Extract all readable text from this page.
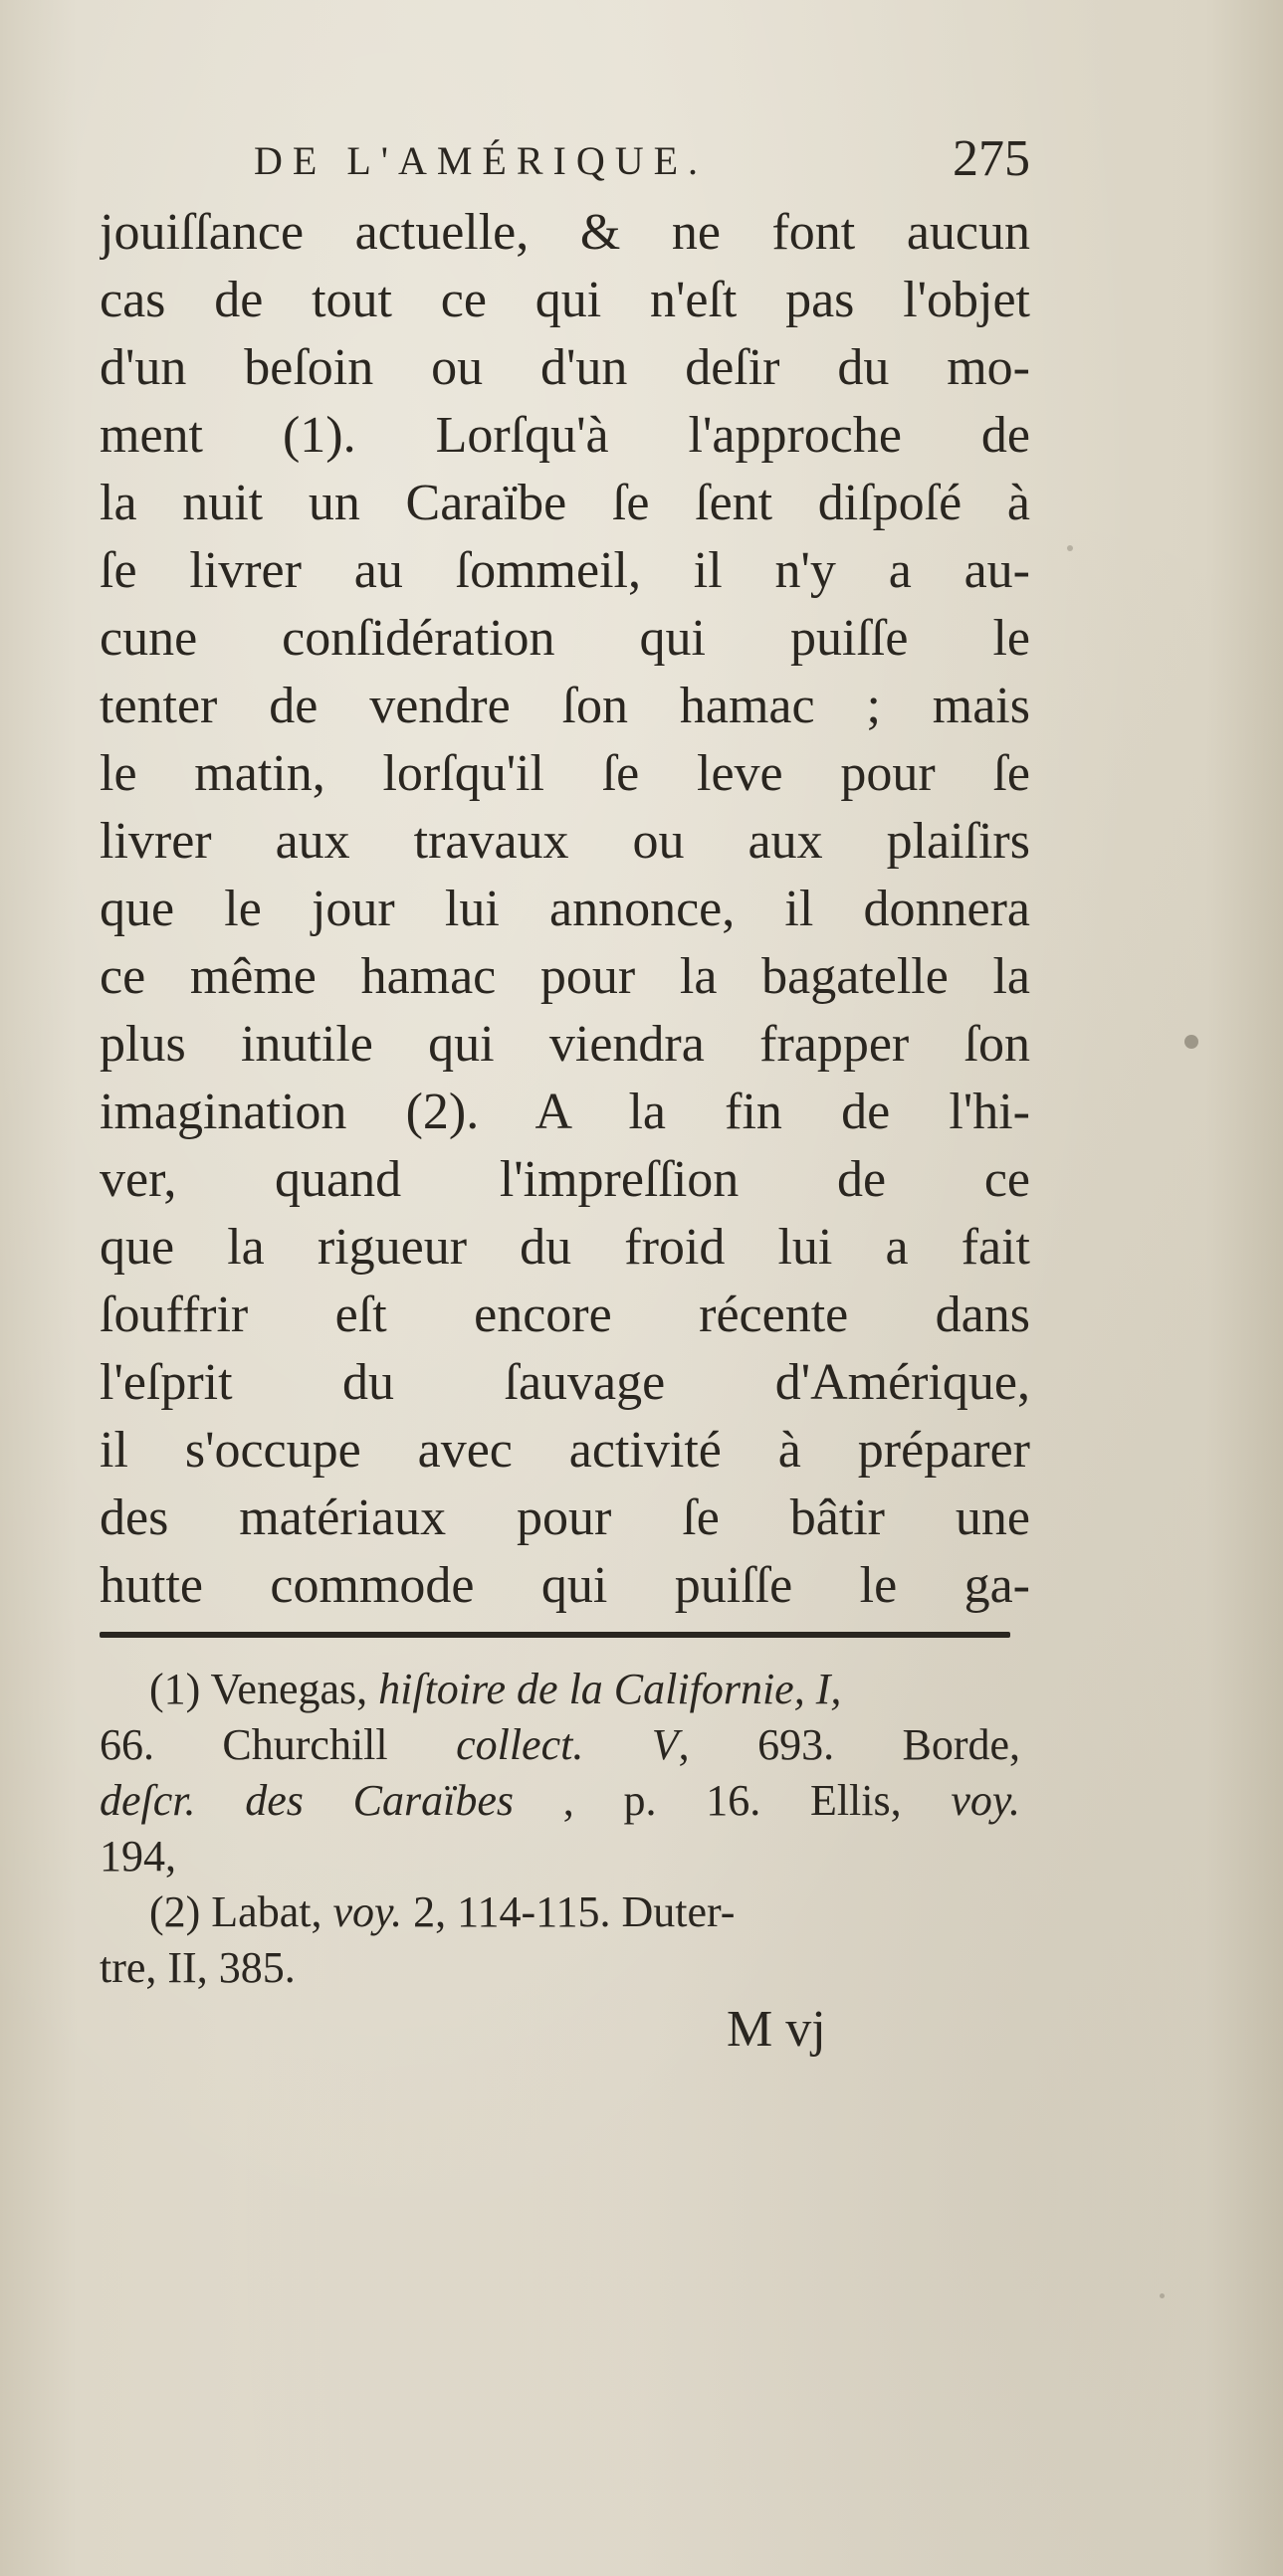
DE L'AMÉRIQUE.	275
jouiſſance actuelle, & ne font aucun
cas de tout ce qui n'eſt pas l'objet
d'un beſoin ou d'un deſir du mo-
ment (1). Lorſqu'à l'approche de
la nuit un Caraïbe ſe ſent diſpoſé à
ſe livrer au ſommeil, il n'y a au-
cune conſidération qui puiſſe le
tenter de vendre ſon hamac ; mais
le matin, lorſqu'il ſe leve pour ſe
livrer aux travaux ou aux plaiſirs
que le jour lui annonce, il donnera
ce même hamac pour la bagatelle la
plus inutile qui viendra frapper ſon
imagination (2). A la fin de l'hi-
ver, quand l'impreſſion de ce
que la rigueur du froid lui a fait
ſouffrir eſt encore récente dans
l'eſprit du ſauvage d'Amérique,
il s'occupe avec activité à préparer
des matériaux pour ſe bâtir une
hutte commode qui puiſſe le ga-
(1) Venegas, hiſtoire de la Californie, I,
66. Churchill collect. V, 693. Borde,
deſcr. des Caraïbes , p. 16. Ellis, voy.
194,
(2) Labat, voy. 2, 114-115. Duter-
tre, II, 385.
M vj
